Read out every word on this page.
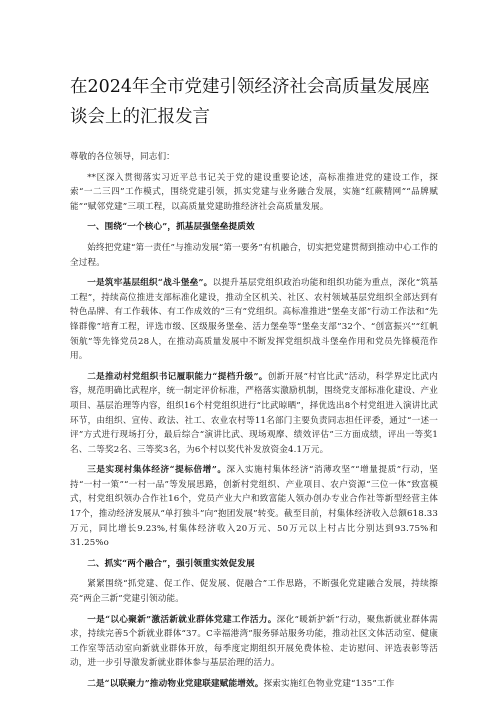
在2024年全市党建引领经济社会高质量发展座谈会上的汇报发言

尊敬的各位领导，同志们：

**区深入贯彻落实习近平总书记关于党的建设重要论述，高标准推进党的建设工作，探索“一二三四”工作模式，围绕党建引领，抓实党建与业务融合发展，实施“红蕨精网”“品牌赋能”“赋邻党建”三项工程，以高质量党建助推经济社会高质量发展。

一、围绕“一个核心”，抓基层强堡垒提质效

始终把党建“第一责任”与推动发展“第一要务”有机融合，切实把党建贯彻到推动中心工作的全过程。

一是筑牢基层组织“战斗堡垒”。以提升基层党组织政治功能和组织功能为重点，深化“筑基工程”，持续高位推进支部标准化建设，推动全区机关、社区、农村领域基层党组织全部达到有特色品牌、有工作载体、有工作成效的“三有”党组织。高标准推进“堡垒支部”行动工作法和“先锋群像”培育工程，评选市级、区级服务堡垒、活力堡垒等“堡垒支部”32个、“创富振兴”“红帆领航”等先锋党员28人，在推动高质量发展中不断发挥党组织战斗堡垒作用和党员先锋模范作用。

二是推动村党组织书记履职能力“提档升级”。创新开展“村官比武”活动，科学界定比武内容，规范明确比武程序，统一制定评价标准，严格落实激励机制，围绕党支部标准化建设、产业项目、基层治理等内容，组织16个村党组织进行“比武晾晒”，择优选出8个村党组进入演讲比武环节，由组织、宣传、政法、社工、农业农村等11名部门主要负责同志担任评委，通过“一述一评”方式进行现场打分，最后综合“演讲比武、现场观摩、绩效评估”三方面成绩，评出一等奖1名、二等奖2名、三等奖3名，为6个村以奖代补发放资金4.1万元。

三是实现村集体经济“提标倍增”。深入实施村集体经济“消薄攻坚”“增量提质”行动，坚持“一村一策”“一村一品”等发展思路，创新村党组织、产业项目、农户资源“三位一体”致富模式，村党组织领办合作社16个，党员产业大户和致富能人领办创办专业合作社等新型经营主体17个，推动经济发展从“单打独斗”向“抱团发展”转变。截至目前，村集体经济收入总额618.33万元，同比增长9.23%,村集体经济收入20万元、50万元以上村占比分别达到93.75%和31.25%o

二、抓实“两个融合”，强引领重实效促发展

紧紧围绕“抓党建、促工作、促发展、促融合”工作思路，不断强化党建融合发展，持续擦亮“两企三新”党建引领动能。

一是“以心聚新”激活新就业群体党建工作活力。深化“暖新护新”行动，聚焦新就业群体需求，持续完善5个新就业群体“37。C幸福港湾”服务驿站服务功能，推动社区文体活动室、健康工作室等活动室向新就业群体开放，每季度定期组织开展免费体检、走访慰问、评选表彰等活动，进一步引导激发新就业群体参与基层治理的活力。

二是“以联聚力”推动物业党建联建赋能增效。探索实施红色物业党建“135”工作
